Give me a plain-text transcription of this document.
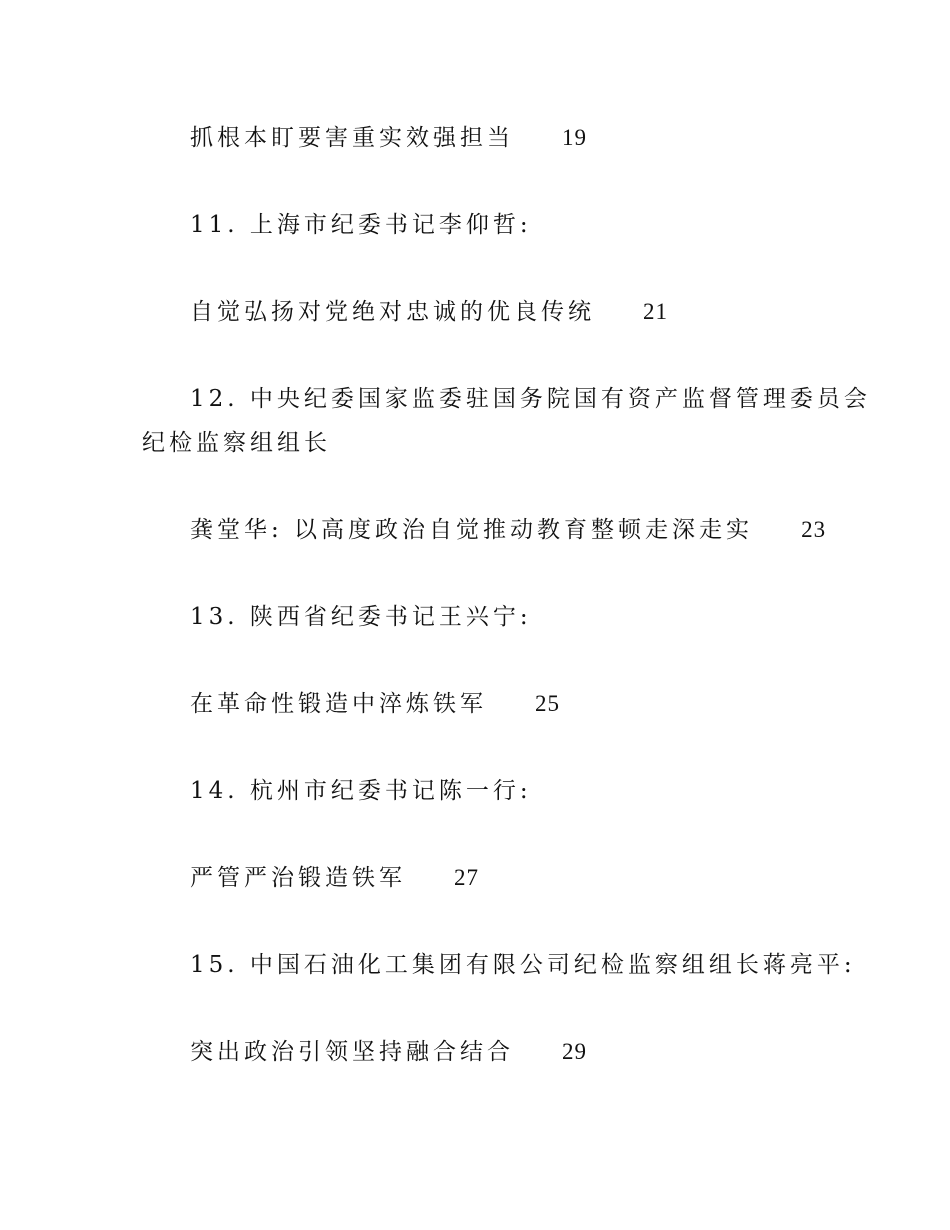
抓根本盯要害重实效强担当 19
11. 上海市纪委书记李仰哲:
自觉弘扬对党绝对忠诚的优良传统 21
12. 中央纪委国家监委驻国务院国有资产监督管理委员会
纪检监察组组长
龚堂华: 以高度政治自觉推动教育整顿走深走实 23
13. 陕西省纪委书记王兴宁:
在革命性锻造中淬炼铁军 25
14. 杭州市纪委书记陈一行:
严管严治锻造铁军 27
15. 中国石油化工集团有限公司纪检监察组组长蒋亮平:
突出政治引领坚持融合结合 29
